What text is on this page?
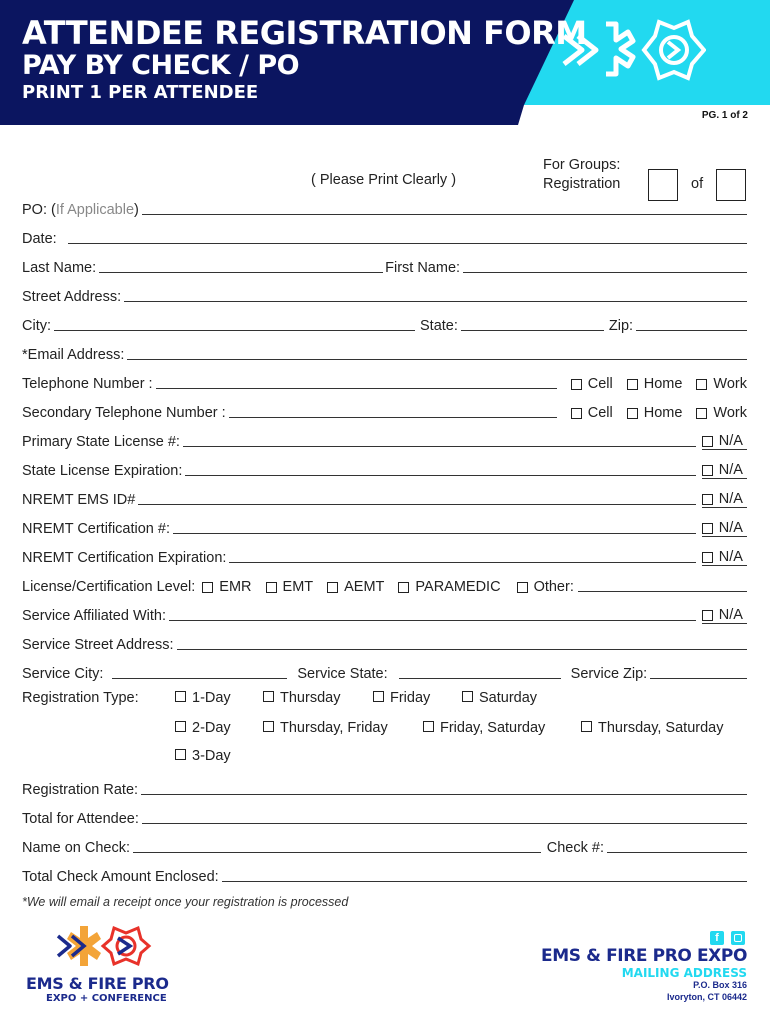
ATTENDEE REGISTRATION FORM
PAY BY CHECK / PO
PRINT 1 PER ATTENDEE
PG. 1 of 2
( Please Print Clearly )
For Groups:
Registration	of
PO: (If Applicable)
Date:
Last Name:	First Name:
Street Address:
City:	State:	Zip:
*Email Address:
Telephone Number :	Cell Home Work
Secondary Telephone Number :	Cell Home Work
Primary State License #:	N/A

State License Expiration:	N/A

NREMT EMS ID#	N/A

NREMT Certification #:	N/A

NREMT Certification Expiration:	N/A

License/Certification Level: EMR EMT AEMT PARAMEDIC Other:
Service Affiliated With:	N/A

Service Street Address:
Service City:	Service State:	Service Zip:
Registration Type:	1-Day	Thursday	Friday	Saturday
2-Day	Thursday, Friday	Friday, Saturday	Thursday, Saturday
3-Day
Registration Rate:
Total for Attendee:
Name on Check:	Check #:
Total Check Amount Enclosed:
*We will email a receipt once your registration is processed
EMS & FIRE PRO
EXPO + CONFERENCE
f
EMS & FIRE PRO EXPO
MAILING ADDRESS
P.O. Box 316
Ivoryton, CT 06442
